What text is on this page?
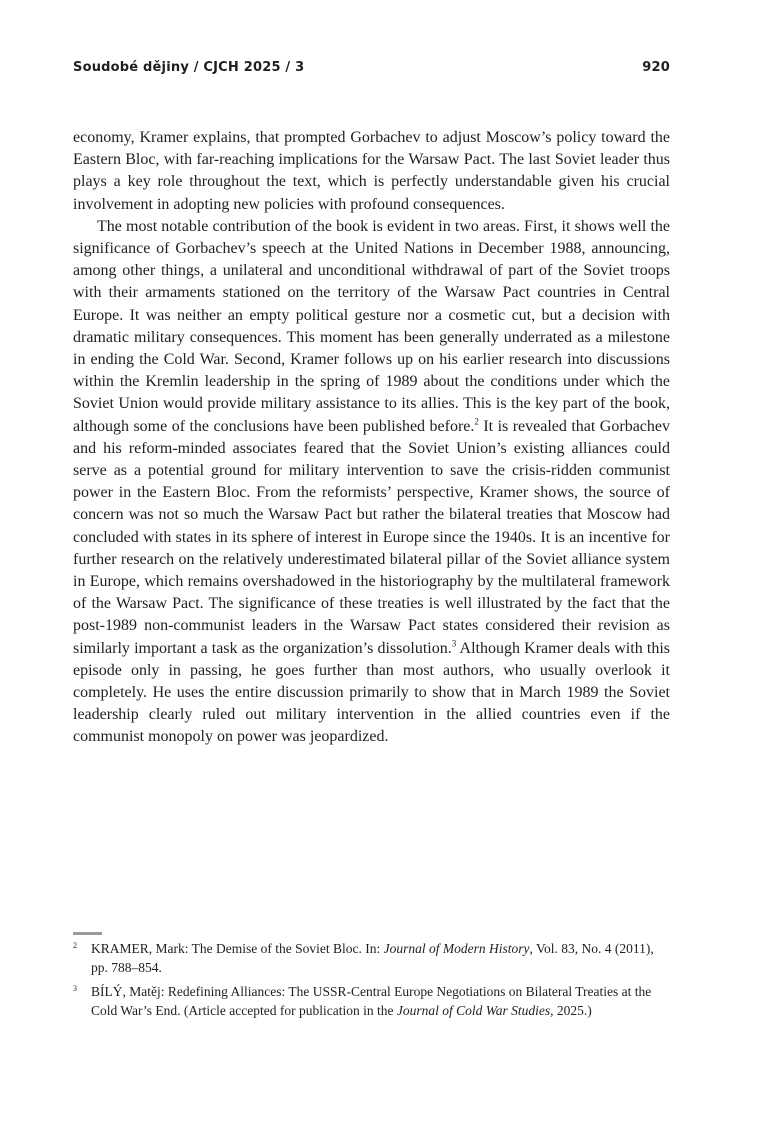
Soudobé dějiny / CJCH 2025 / 3	920

economy, Kramer explains, that prompted Gorbachev to adjust Moscow’s policy toward the Eastern Bloc, with far-reaching implications for the Warsaw Pact. The last Soviet leader thus plays a key role throughout the text, which is perfectly understandable given his crucial involvement in adopting new policies with profound consequences.

The most notable contribution of the book is evident in two areas. First, it shows well the significance of Gorbachev’s speech at the United Nations in December 1988, announcing, among other things, a unilateral and unconditional withdrawal of part of the Soviet troops with their armaments stationed on the territory of the Warsaw Pact countries in Central Europe. It was neither an empty political gesture nor a cosmetic cut, but a decision with dramatic military consequences. This moment has been generally underrated as a milestone in ending the Cold War. Second, Kramer follows up on his earlier research into discussions within the Kremlin leadership in the spring of 1989 about the conditions under which the Soviet Union would provide military assistance to its allies. This is the key part of the book, although some of the conclusions have been published before.$^2$ It is revealed that Gorbachev and his reform-minded associates feared that the Soviet Union’s existing alliances could serve as a potential ground for military intervention to save the crisis-ridden communist power in the Eastern Bloc. From the reformists’ perspective, Kramer shows, the source of concern was not so much the Warsaw Pact but rather the bilateral treaties that Moscow had concluded with states in its sphere of interest in Europe since the 1940s. It is an incentive for further research on the relatively underestimated bilateral pillar of the Soviet alliance system in Europe, which remains overshadowed in the historiography by the multilateral framework of the Warsaw Pact. The significance of these treaties is well illustrated by the fact that the post-1989 non-communist leaders in the Warsaw Pact states considered their revision as similarly important a task as the organization’s dissolution.$^3$ Although Kramer deals with this episode only in passing, he goes further than most authors, who usually overlook it completely. He uses the entire discussion primarily to show that in March 1989 the Soviet leadership clearly ruled out military intervention in the allied countries even if the communist monopoly on power was jeopardized.

2	KRAMER, Mark: The Demise of the Soviet Bloc. In: Journal of Modern History, Vol. 83, No. 4 (2011), pp. 788–854.
3	BÍLÝ, Matěj: Redefining Alliances: The USSR-Central Europe Negotiations on Bilateral Treaties at the Cold War’s End. (Article accepted for publication in the Journal of Cold War Studies, 2025.)
